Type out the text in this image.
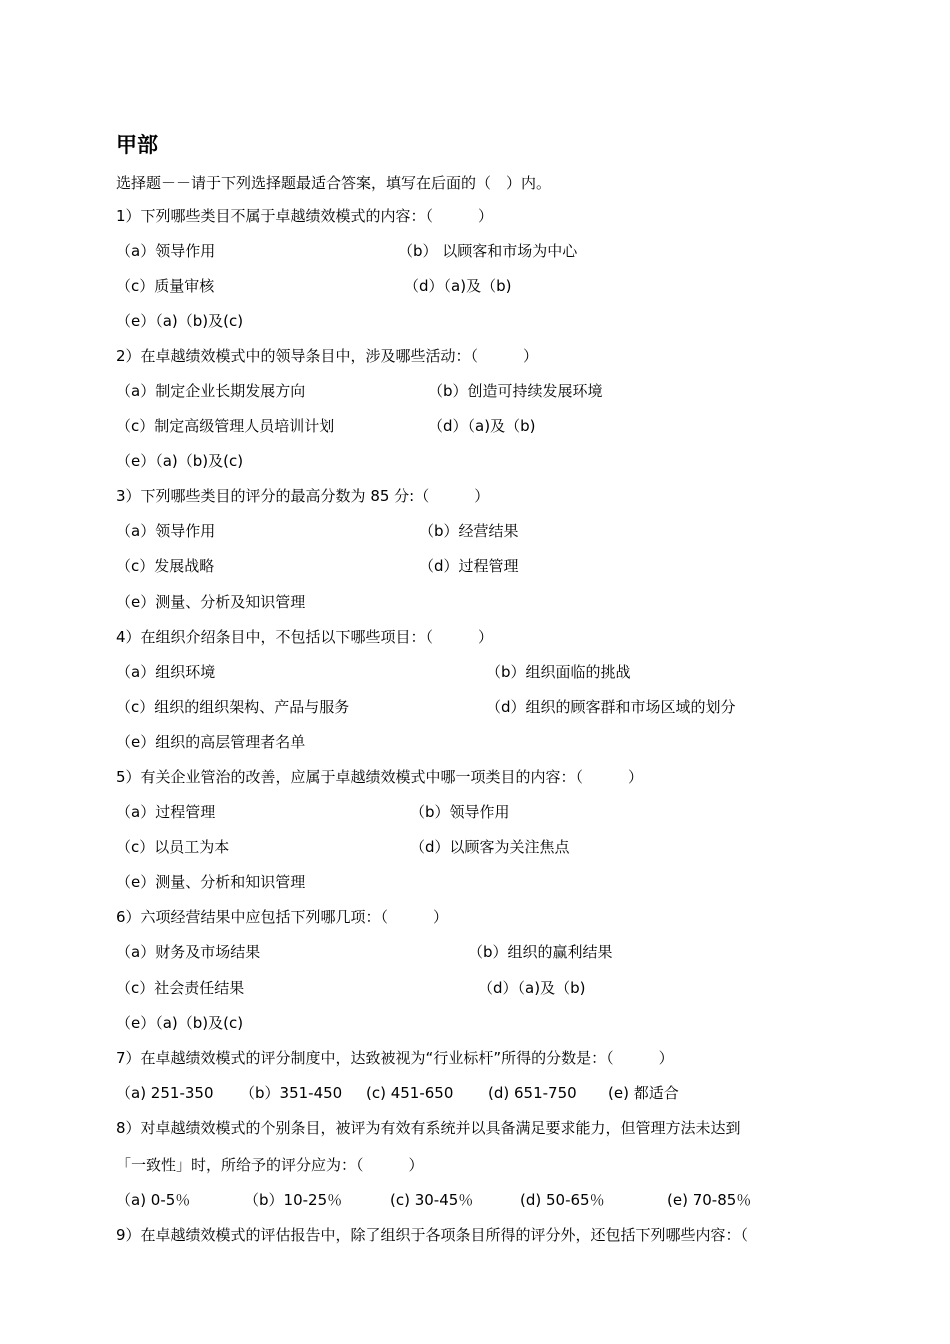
甲部
选择题－－请于下列选择题最适合答案，填写在后面的（　）内。
1）下列哪些类目不属于卓越绩效模式的内容：（　　　）
（a）领导作用	（b） 以顾客和市场为中心
（c）质量审核	（d）（a)及（b)
（e）（a)（b)及(c)
2）在卓越绩效模式中的领导条目中，涉及哪些活动：（　　　）
（a）制定企业长期发展方向	（b）创造可持续发展环境
（c）制定高级管理人员培训计划	（d）（a)及（b)
（e）（a)（b)及(c)
3）下列哪些类目的评分的最高分数为 85 分:（　　　）
（a）领导作用	（b）经营结果
（c）发展战略	（d）过程管理
（e）测量、分析及知识管理
4）在组织介绍条目中，不包括以下哪些项目：（　　　）
（a）组织环境	（b）组织面临的挑战
（c）组织的组织架构、产品与服务	（d）组织的顾客群和市场区域的划分
（e）组织的高层管理者名单
5）有关企业管治的改善，应属于卓越绩效模式中哪一项类目的内容：（　　　）
（a）过程管理	（b）领导作用
（c）以员工为本	（d）以顾客为关注焦点
（e）测量、分析和知识管理
6）六项经营结果中应包括下列哪几项：（　　　）
（a）财务及市场结果	（b）组织的赢利结果
（c）社会责任结果	（d）（a)及（b)
（e）（a)（b)及(c)
7）在卓越绩效模式的评分制度中，达致被视为“行业标杆”所得的分数是：（　　　）
（a) 251-350 （b）351-450 (c) 451-650 (d) 651-750 (e) 都适合
8）对卓越绩效模式的个别条目，被评为有效有系统并以具备满足要求能力，但管理方法未达到
「一致性」时，所给予的评分应为：（　　　）
（a) 0-5％	（b）10-25％	(c) 30-45％	(d) 50-65％	(e) 70-85％
9）在卓越绩效模式的评估报告中，除了组织于各项条目所得的评分外，还包括下列哪些内容：（
